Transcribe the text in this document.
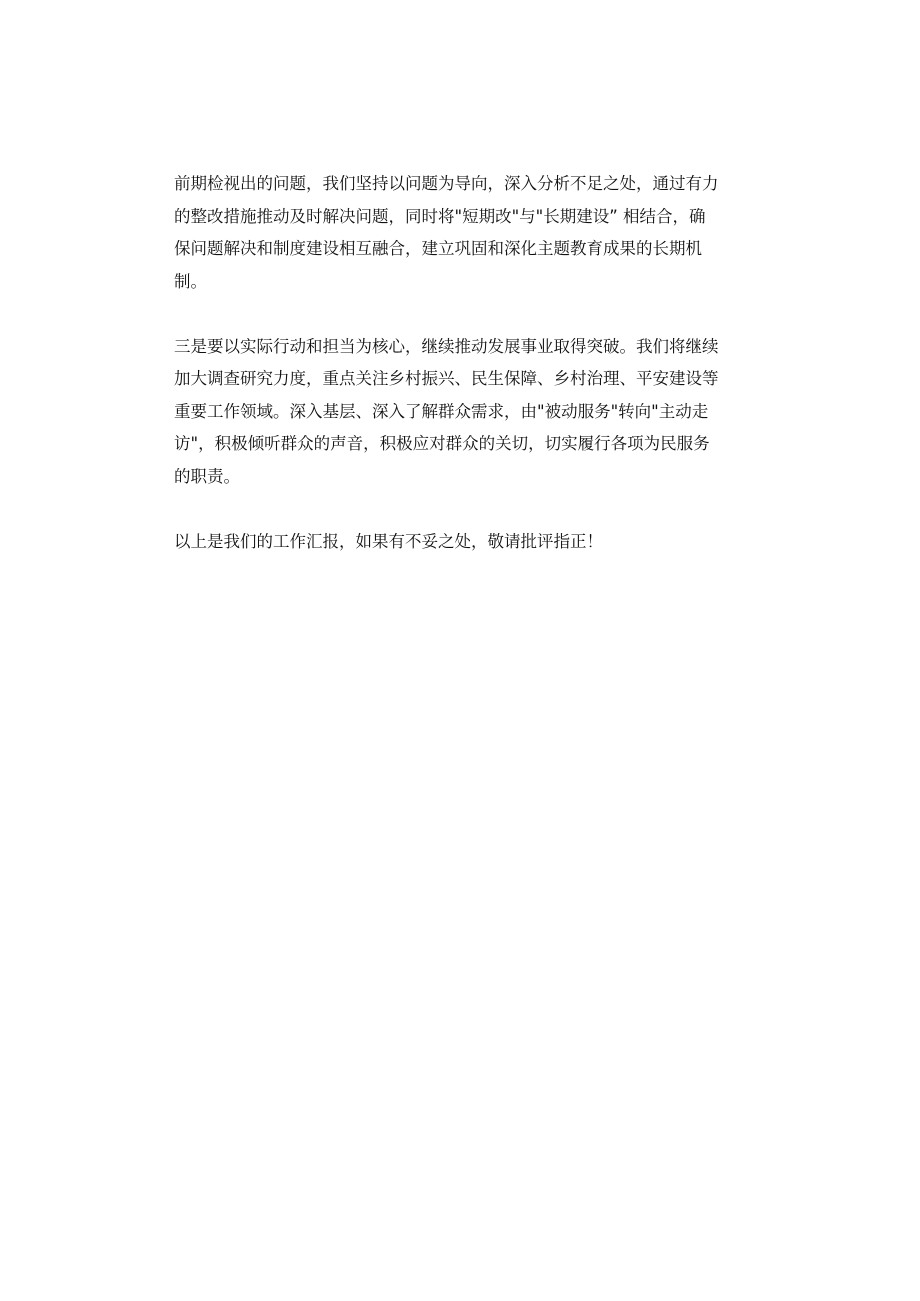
前期检视出的问题，我们坚持以问题为导向，深入分析不足之处，通过有力
的整改措施推动及时解决问题，同时将"短期改"与"长期建设” 相结合，确
保问题解决和制度建设相互融合，建立巩固和深化主题教育成果的长期机
制。

三是要以实际行动和担当为核心，继续推动发展事业取得突破。我们将继续
加大调查研究力度，重点关注乡村振兴、民生保障、乡村治理、平安建设等
重要工作领域。深入基层、深入了解群众需求，由"被动服务"转向"主动走
访"，积极倾听群众的声音，积极应对群众的关切，切实履行各项为民服务
的职责。

以上是我们的工作汇报，如果有不妥之处，敬请批评指正！
